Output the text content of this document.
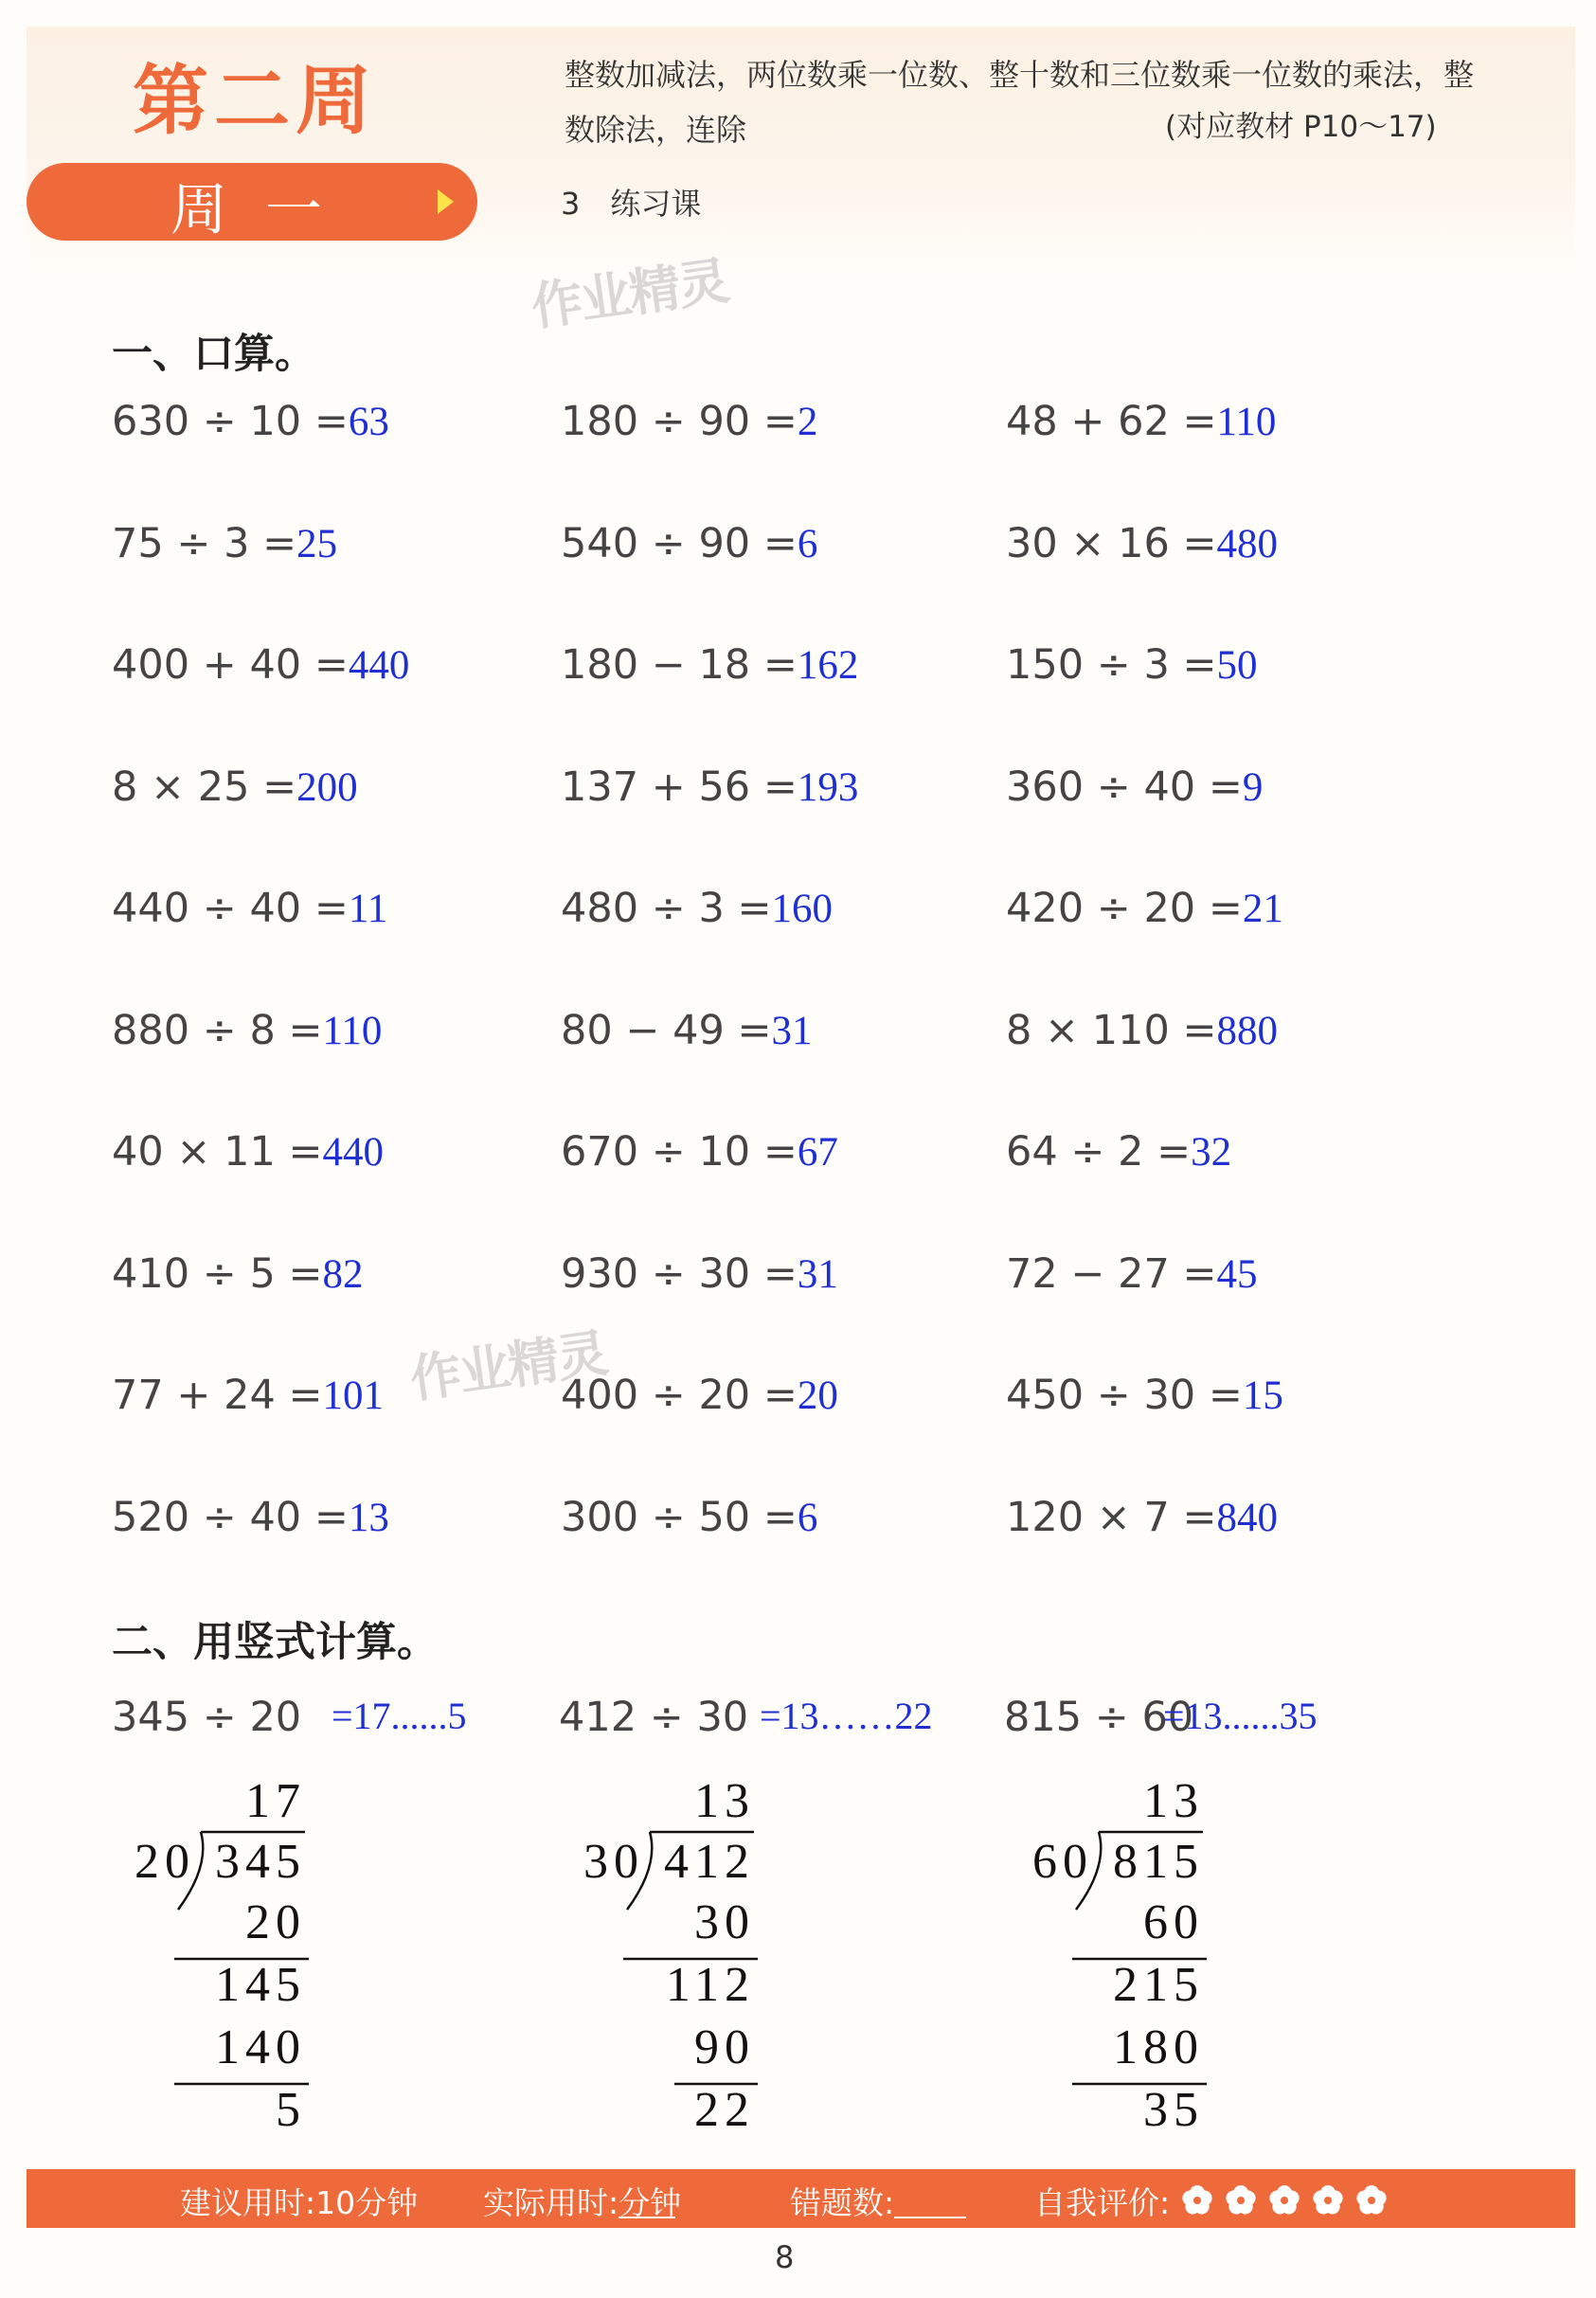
第二周
周一
整数加减法，两位数乘一位数、整十数和三位数乘一位数的乘法，整数除法，连除	(对应教材 P10～17)
3　练习课
作业精灵
作业精灵
一、口算。
630 ÷ 10 =63	180 ÷ 90 =2	48 + 62 =110
75 ÷ 3 =25	540 ÷ 90 =6	30 × 16 =480
400 + 40 =440	180 − 18 =162	150 ÷ 3 =50
8 × 25 =200	137 + 56 =193	360 ÷ 40 =9
440 ÷ 40 =11	480 ÷ 3 =160	420 ÷ 20 =21
880 ÷ 8 =110	80 − 49 =31	8 × 110 =880
40 × 11 =440	670 ÷ 10 =67	64 ÷ 2 =32
410 ÷ 5 =82	930 ÷ 30 =31	72 − 27 =45
77 + 24 =101	400 ÷ 20 =20	450 ÷ 30 =15
520 ÷ 40 =13	300 ÷ 50 =6	120 × 7 =840
二、用竖式计算。
345 ÷ 20 =17......5
17
20 345
20
145
140
5
412 ÷ 30 =13……22
13
30 412
30
112
90
22
815 ÷ 60
=13......35
13
60 815
60
215
180
35
建议用时:10分钟 实际用时:
分钟	错题数:	自我评价:
8
